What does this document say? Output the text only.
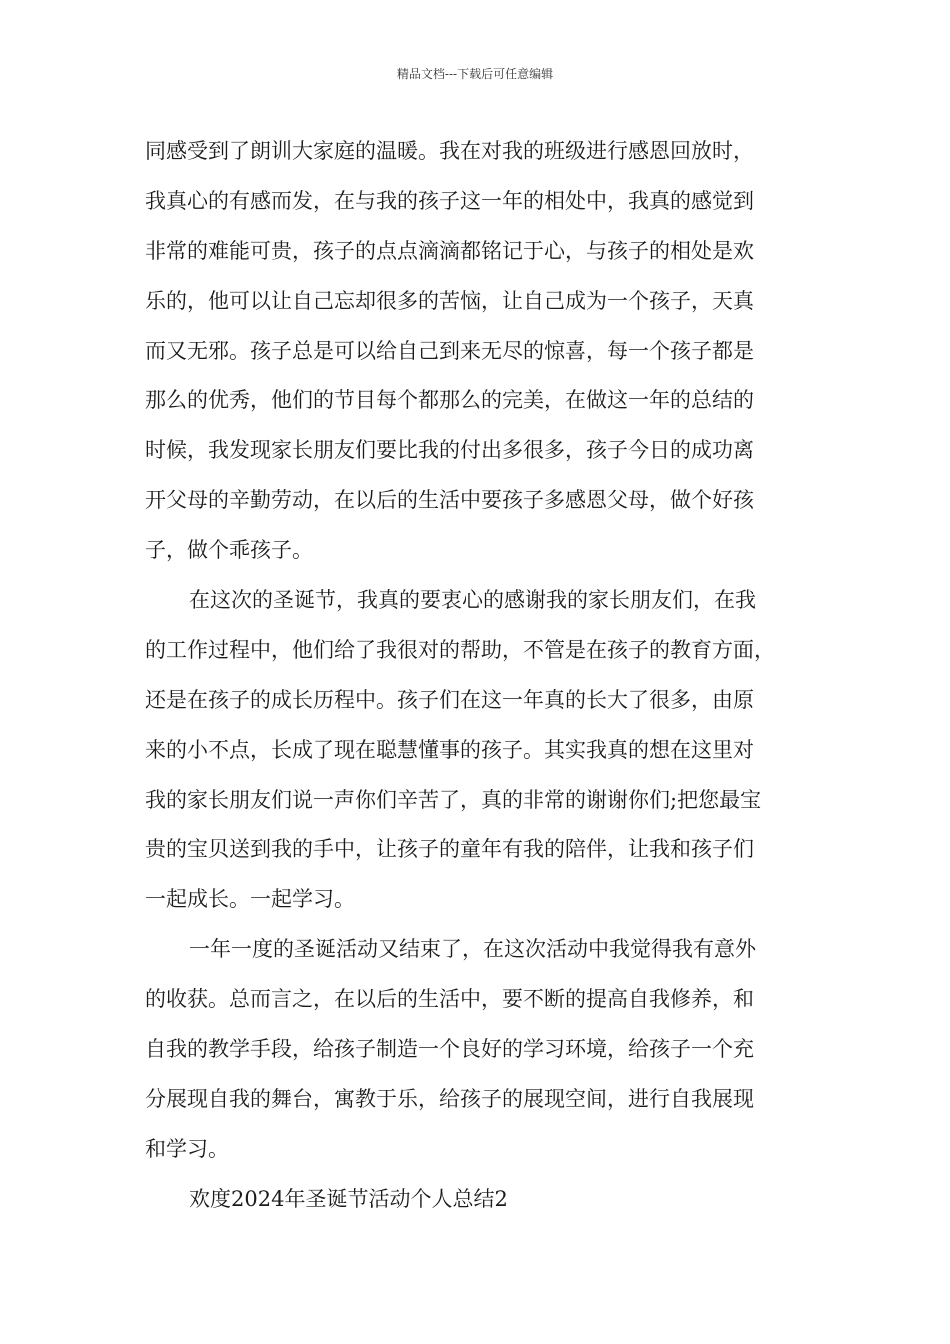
精品文档---下载后可任意编辑
同感受到了朗训大家庭的温暖。我在对我的班级进行感恩回放时，
我真心的有感而发，在与我的孩子这一年的相处中，我真的感觉到
非常的难能可贵，孩子的点点滴滴都铭记于心，与孩子的相处是欢
乐的，他可以让自己忘却很多的苦恼，让自己成为一个孩子，天真
而又无邪。孩子总是可以给自己到来无尽的惊喜，每一个孩子都是
那么的优秀，他们的节目每个都那么的完美，在做这一年的总结的
时候，我发现家长朋友们要比我的付出多很多，孩子今日的成功离
开父母的辛勤劳动，在以后的生活中要孩子多感恩父母，做个好孩
子，做个乖孩子。
在这次的圣诞节，我真的要衷心的感谢我的家长朋友们，在我
的工作过程中，他们给了我很对的帮助，不管是在孩子的教育方面，
还是在孩子的成长历程中。孩子们在这一年真的长大了很多，由原
来的小不点，长成了现在聪慧懂事的孩子。其实我真的想在这里对
我的家长朋友们说一声你们辛苦了，真的非常的谢谢你们;把您最宝
贵的宝贝送到我的手中，让孩子的童年有我的陪伴，让我和孩子们
一起成长。一起学习。
一年一度的圣诞活动又结束了，在这次活动中我觉得我有意外
的收获。总而言之，在以后的生活中，要不断的提高自我修养，和
自我的教学手段，给孩子制造一个良好的学习环境，给孩子一个充
分展现自我的舞台，寓教于乐，给孩子的展现空间，进行自我展现
和学习。
欢度2024年圣诞节活动个人总结2
